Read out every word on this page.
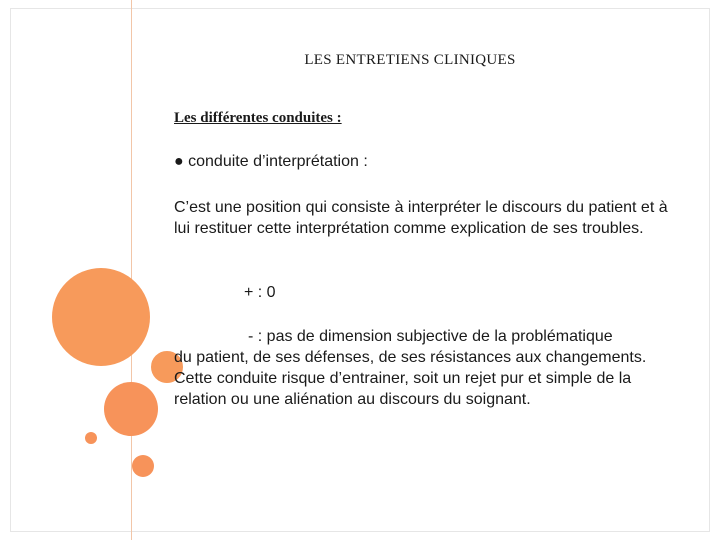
LES ENTRETIENS CLINIQUES
Les différentes conduites :
● conduite d’interprétation :
C’est une position qui consiste à interpréter le discours du patient et à lui restituer cette interprétation comme explication de ses troubles.
+ : 0
- : pas de dimension subjective de la problématique
du patient, de ses défenses, de ses résistances aux changements. Cette conduite risque d’entrainer, soit un rejet pur et simple de la relation ou une aliénation au discours du soignant.
